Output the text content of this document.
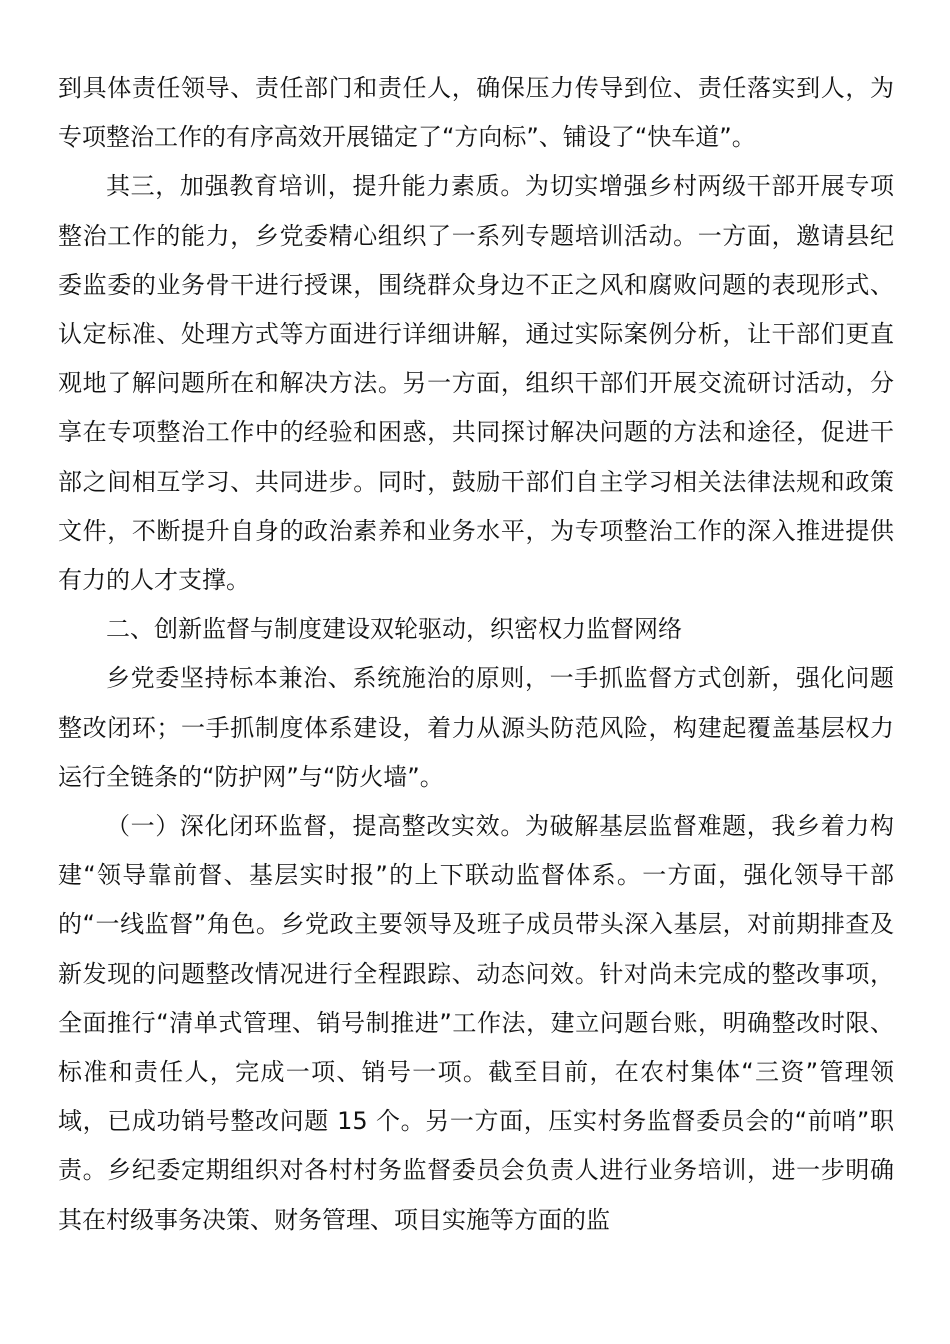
到具体责任领导、责任部门和责任人，确保压力传导到位、责任落实到人，为专项整治工作的有序高效开展锚定了“方向标”、铺设了“快车道”。

其三，加强教育培训，提升能力素质。为切实增强乡村两级干部开展专项整治工作的能力，乡党委精心组织了一系列专题培训活动。一方面，邀请县纪委监委的业务骨干进行授课，围绕群众身边不正之风和腐败问题的表现形式、认定标准、处理方式等方面进行详细讲解，通过实际案例分析，让干部们更直观地了解问题所在和解决方法。另一方面，组织干部们开展交流研讨活动，分享在专项整治工作中的经验和困惑，共同探讨解决问题的方法和途径，促进干部之间相互学习、共同进步。同时，鼓励干部们自主学习相关法律法规和政策文件，不断提升自身的政治素养和业务水平，为专项整治工作的深入推进提供有力的人才支撑。

二、创新监督与制度建设双轮驱动，织密权力监督网络

乡党委坚持标本兼治、系统施治的原则，一手抓监督方式创新，强化问题整改闭环；一手抓制度体系建设，着力从源头防范风险，构建起覆盖基层权力运行全链条的“防护网”与“防火墙”。

（一）深化闭环监督，提高整改实效。为破解基层监督难题，我乡着力构建“领导靠前督、基层实时报”的上下联动监督体系。一方面，强化领导干部的“一线监督”角色。乡党政主要领导及班子成员带头深入基层，对前期排查及新发现的问题整改情况进行全程跟踪、动态问效。针对尚未完成的整改事项，全面推行“清单式管理、销号制推进”工作法，建立问题台账，明确整改时限、标准和责任人，完成一项、销号一项。截至目前，在农村集体“三资”管理领域，已成功销号整改问题 15 个。另一方面，压实村务监督委员会的“前哨”职责。乡纪委定期组织对各村村务监督委员会负责人进行业务培训，进一步明确其在村级事务决策、财务管理、项目实施等方面的监
